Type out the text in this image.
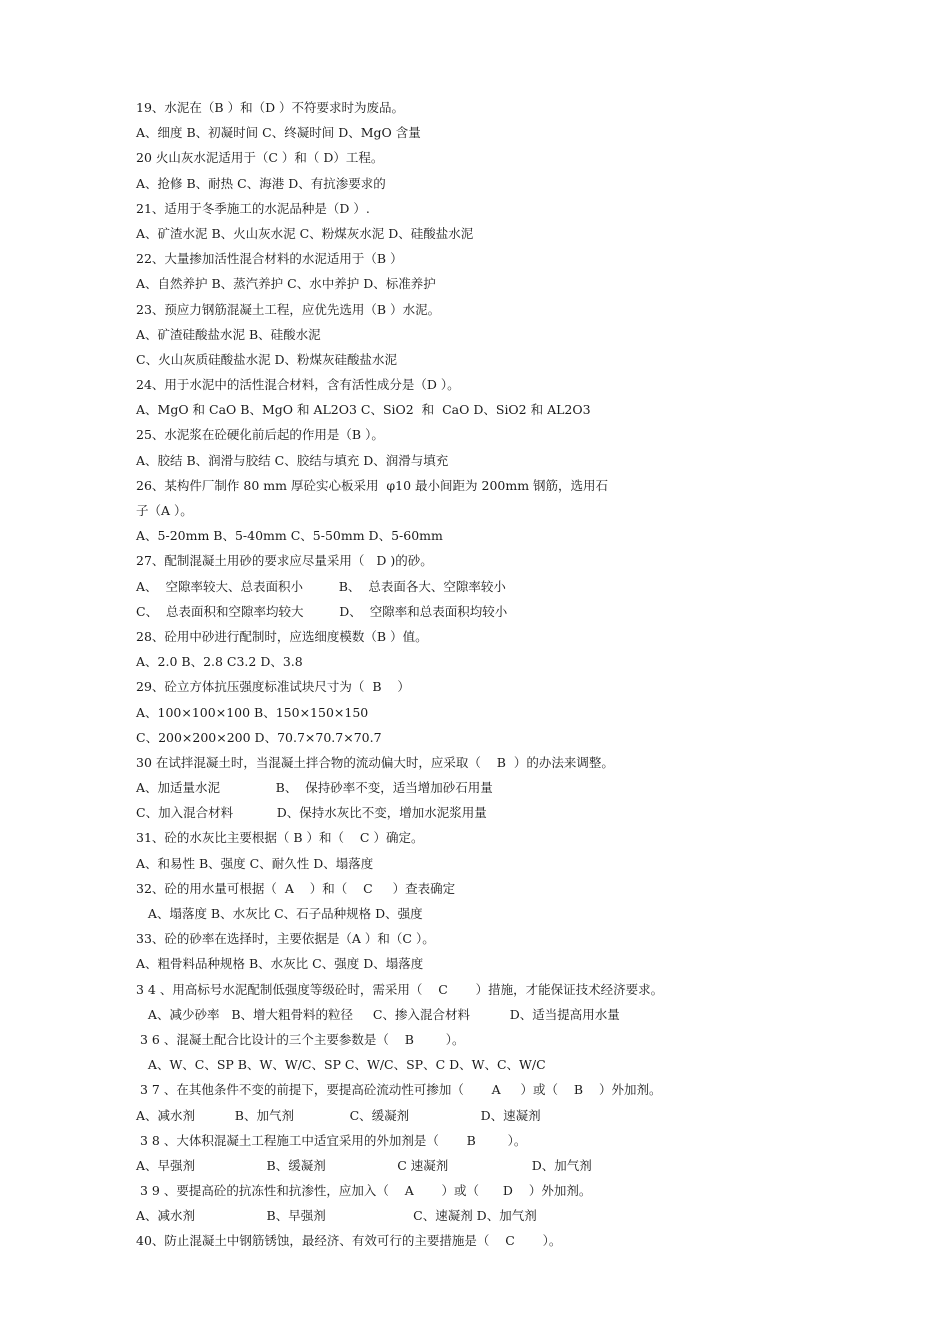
19、水泥在（B ）和（D ）不符要求时为废品。
A、细度 B、初凝时间 C、终凝时间 D、MgO 含量
20 火山灰水泥适用于（C ）和（ D）工程。
A、抢修 B、耐热 C、海港 D、有抗渗要求的
21、适用于冬季施工的水泥品种是（D ）.
A、矿渣水泥 B、火山灰水泥 C、粉煤灰水泥 D、硅酸盐水泥
22、大量掺加活性混合材料的水泥适用于（B ）
A、自然养护 B、蒸汽养护 C、水中养护 D、标准养护
23、预应力钢筋混凝土工程，应优先选用（B ）水泥。
A、矿渣硅酸盐水泥 B、硅酸水泥
C、火山灰质硅酸盐水泥 D、粉煤灰硅酸盐水泥
24、用于水泥中的活性混合材料，含有活性成分是（D ）。
A、MgO 和 CaO B、MgO 和 AL2O3 C、SiO2  和  CaO D、SiO2 和 AL2O3
25、水泥浆在砼硬化前后起的作用是（B ）。
A、胶结 B、润滑与胶结 C、胶结与填充 D、润滑与填充
26、某构件厂制作 80 mm 厚砼实心板采用  φ10 最小间距为 200mm 钢筋，选用石
子（A ）。
A、5-20mm B、5-40mm C、5-50mm D、5-60mm
27、配制混凝土用砂的要求应尽量采用（   D )的砂。
A、  空隙率较大、总表面积小         B、  总表面各大、空隙率较小
C、  总表面积和空隙率均较大         D、  空隙率和总表面积均较小
28、砼用中砂进行配制时，应选细度模数（B ）值。
A、2.0 B、2.8 C3.2 D、3.8
29、砼立方体抗压强度标准试块尺寸为（  B    ）
A、100×100×100 B、150×150×150
C、200×200×200 D、70.7×70.7×70.7
30 在试拌混凝土时，当混凝土拌合物的流动偏大时，应采取（    B  ）的办法来调整。
A、加适量水泥              B、  保持砂率不变，适当增加砂石用量
C、加入混合材料           D、保持水灰比不变，增加水泥浆用量
31、砼的水灰比主要根据（ B ）和（    C ）确定。
A、和易性 B、强度 C、耐久性 D、塌落度
32、砼的用水量可根据（  A    ）和（    C     ）查表确定
A、塌落度 B、水灰比 C、石子品种规格 D、强度
33、砼的砂率在选择时，主要依据是（A ）和（C ）。
A、粗骨料品种规格 B、水灰比 C、强度 D、塌落度
3 4 、用高标号水泥配制低强度等级砼时，需采用（    C       ）措施，才能保证技术经济要求。
A、减少砂率   B、增大粗骨料的粒径     C、掺入混合材料          D、适当提高用水量
3 6 、混凝土配合比设计的三个主要参数是（    B        ）。
A、W、C、SP B、W、W/C、SP C、W/C、SP、C D、W、C、W/C
3 7 、在其他条件不变的前提下，要提高砼流动性可掺加（       A     ）或（    B    ）外加剂。
A、减水剂          B、加气剂              C、缓凝剂                  D、速凝剂
3 8 、大体积混凝土工程施工中适宜采用的外加剂是（       B        ）。
A、早强剂                  B、缓凝剂                  C 速凝剂                     D、加气剂
3 9 、要提高砼的抗冻性和抗渗性，应加入（    A       ）或（      D    ）外加剂。
A、减水剂                  B、早强剂                      C、速凝剂 D、加气剂
40、防止混凝土中钢筋锈蚀，最经济、有效可行的主要措施是（    C       ）。
